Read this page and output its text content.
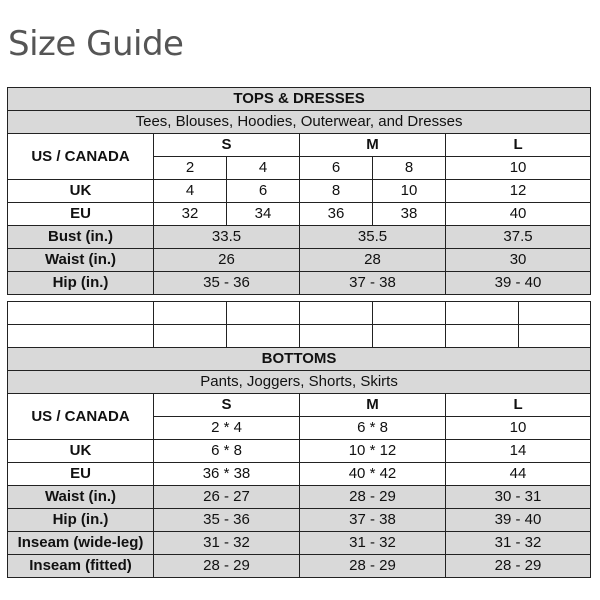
Size Guide
TOPS & DRESSES					
Tees, Blouses, Hoodies, Outerwear, and Dresses					
US / CANADA	S		M		L
	2	4	6	8	10
UK	4	6	8	10	12
EU	32	34	36	38	40
Bust (in.)	33.5		35.5		37.5
Waist (in.)	26		28		30
Hip (in.)	35 - 36		37 - 38		39 - 40

BOTTOMS			
Pants, Joggers, Shorts, Skirts			
US / CANADA	S	M	L
	2 * 4	6 * 8	10
UK	6 * 8	10 * 12	14
EU	36 * 38	40 * 42	44
Waist (in.)	26 - 27	28 - 29	30 - 31
Hip (in.)	35 - 36	37 - 38	39 - 40
Inseam (wide-leg)	31 - 32	31 - 32	31 - 32
Inseam (fitted)	28 - 29	28 - 29	28 - 29
